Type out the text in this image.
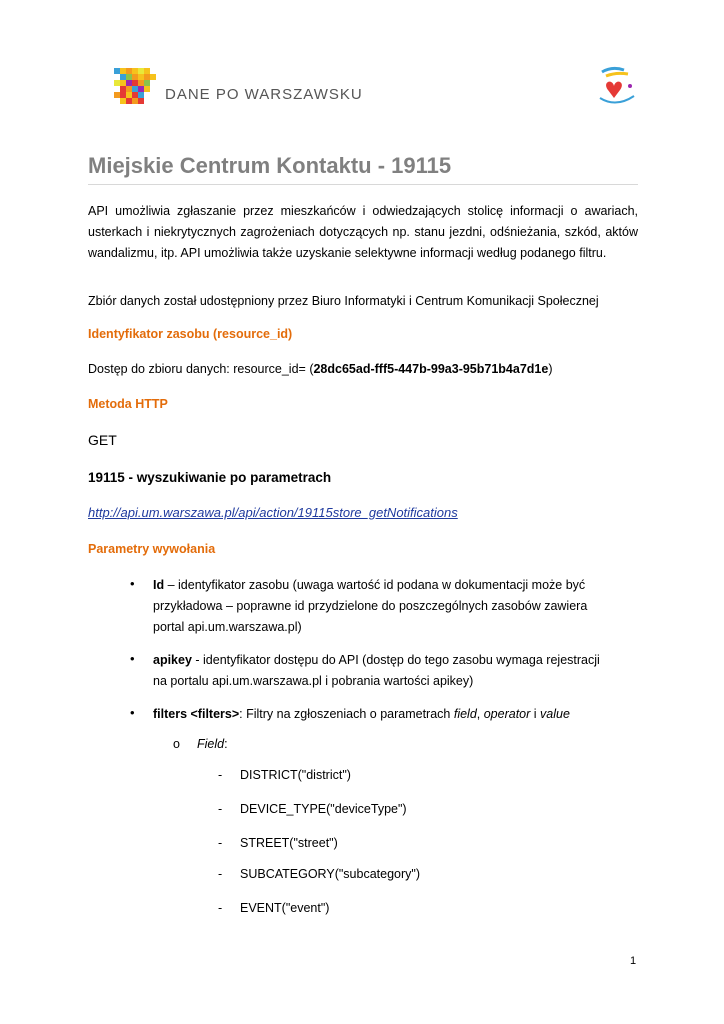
DANE PO WARSZAWSKU
Miejskie Centrum Kontaktu - 19115
API umożliwia zgłaszanie przez mieszkańców i odwiedzających stolicę informacji o awariach, usterkach i niekrytycznych zagrożeniach dotyczących np. stanu jezdni, odśnieżania, szkód, aktów wandalizmu, itp. API umożliwia także uzyskanie selektywne informacji według podanego filtru.
Zbiór danych został udostępniony przez Biuro Informatyki i Centrum Komunikacji Społecznej
Identyfikator zasobu (resource_id)
Dostęp do zbioru danych: resource_id= (28dc65ad-fff5-447b-99a3-95b71b4a7d1e)
Metoda HTTP
GET
19115 - wyszukiwanie po parametrach
http://api.um.warszawa.pl/api/action/19115store_getNotifications
Parametry wywołania
• Id – identyfikator zasobu (uwaga wartość id podana w dokumentacji może być
przykładowa – poprawne id przydzielone do poszczególnych zasobów zawiera
portal api.um.warszawa.pl)
• apikey - identyfikator dostępu do API (dostęp do tego zasobu wymaga rejestracji
na portalu api.um.warszawa.pl i pobrania wartości apikey)
• filters <filters>: Filtry na zgłoszeniach o parametrach field, operator i value
o Field:
- DISTRICT("district")
- DEVICE_TYPE("deviceType")
- STREET("street")
- SUBCATEGORY("subcategory")
- EVENT("event")
1
